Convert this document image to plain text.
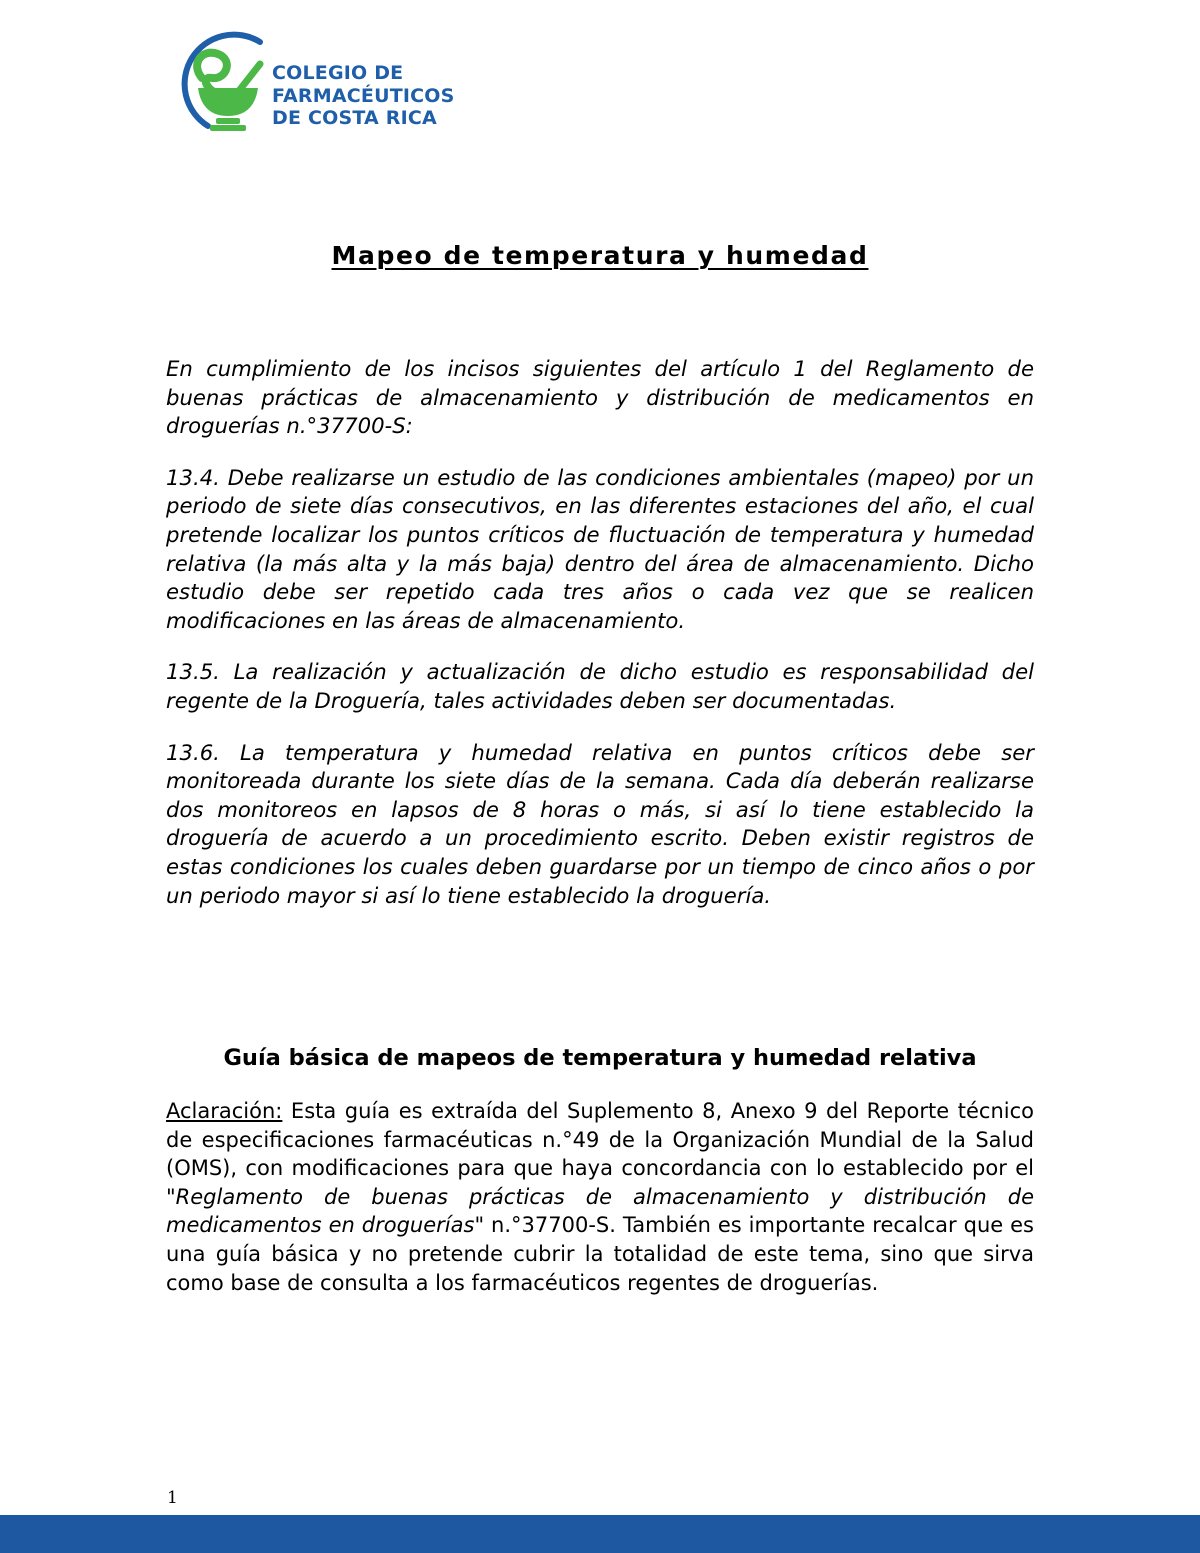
COLEGIO DE
FARMACÉUTICOS
DE COSTA RICA
Mapeo de temperatura y humedad

En cumplimiento de los incisos siguientes del artículo 1 del Reglamento de buenas prácticas de almacenamiento y distribución de medicamentos en droguerías n.°37700-S:

13.4. Debe realizarse un estudio de las condiciones ambientales (mapeo) por un periodo de siete días consecutivos, en las diferentes estaciones del año, el cual pretende localizar los puntos críticos de fluctuación de temperatura y humedad relativa (la más alta y la más baja) dentro del área de almacenamiento. Dicho estudio debe ser repetido cada tres años o cada vez que se realicen modificaciones en las áreas de almacenamiento.

13.5. La realización y actualización de dicho estudio es responsabilidad del regente de la Droguería, tales actividades deben ser documentadas.

13.6. La temperatura y humedad relativa en puntos críticos debe ser monitoreada durante los siete días de la semana. Cada día deberán realizarse dos monitoreos en lapsos de 8 horas o más, si así lo tiene establecido la droguería de acuerdo a un procedimiento escrito. Deben existir registros de estas condiciones los cuales deben guardarse por un tiempo de cinco años o por un periodo mayor si así lo tiene establecido la droguería.

Guía básica de mapeos de temperatura y humedad relativa
Aclaración: Esta guía es extraída del Suplemento 8, Anexo 9 del Reporte técnico de especificaciones farmacéuticas n.°49 de la Organización Mundial de la Salud (OMS), con modificaciones para que haya concordancia con lo establecido por el "Reglamento de buenas prácticas de almacenamiento y distribución de medicamentos en droguerías" n.°37700-S. También es importante recalcar que es una guía básica y no pretende cubrir la totalidad de este tema, sino que sirva como base de consulta a los farmacéuticos regentes de droguerías.
1
